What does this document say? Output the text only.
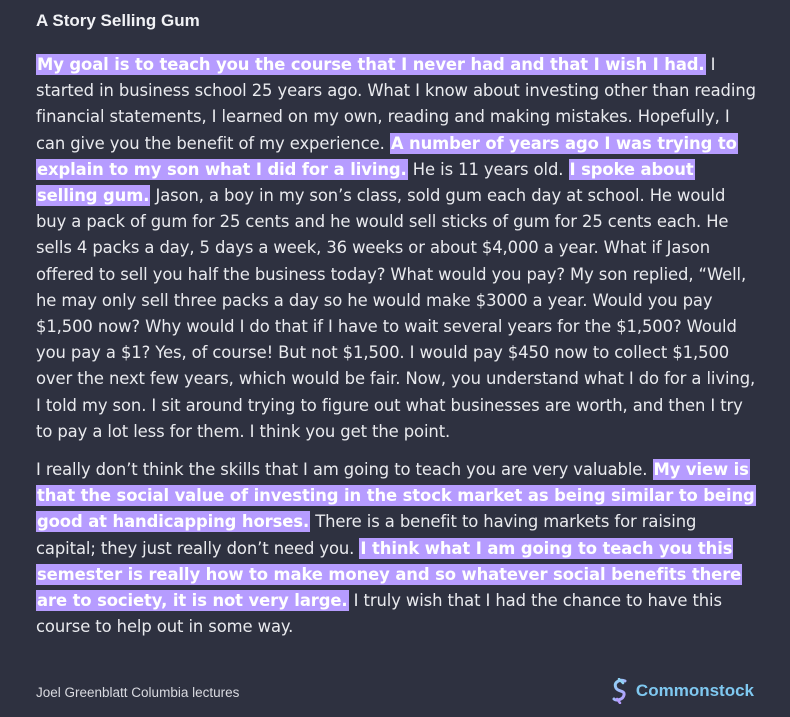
A Story Selling Gum

My goal is to teach you the course that I never had and that I wish I had. I started in business school 25 years ago. What I know about investing other than reading financial statements, I learned on my own, reading and making mistakes. Hopefully, I can give you the benefit of my experience. A number of years ago I was trying to explain to my son what I did for a living. He is 11 years old. I spoke about selling gum. Jason, a boy in my son’s class, sold gum each day at school. He would buy a pack of gum for 25 cents and he would sell sticks of gum for 25 cents each. He sells 4 packs a day, 5 days a week, 36 weeks or about $4,000 a year. What if Jason offered to sell you half the business today? What would you pay? My son replied, “Well, he may only sell three packs a day so he would make $3000 a year. Would you pay $1,500 now? Why would I do that if I have to wait several years for the $1,500? Would you pay a $1? Yes, of course! But not $1,500. I would pay $450 now to collect $1,500 over the next few years, which would be fair. Now, you understand what I do for a living, I told my son. I sit around trying to figure out what businesses are worth, and then I try to pay a lot less for them. I think you get the point.

I really don’t think the skills that I am going to teach you are very valuable. My view is that the social value of investing in the stock market as being similar to being good at handicapping horses. There is a benefit to having markets for raising capital; they just really don’t need you. I think what I am going to teach you this semester is really how to make money and so whatever social benefits there are to society, it is not very large. I truly wish that I had the chance to have this course to help out in some way.

Joel Greenblatt Columbia lectures	Commonstock
